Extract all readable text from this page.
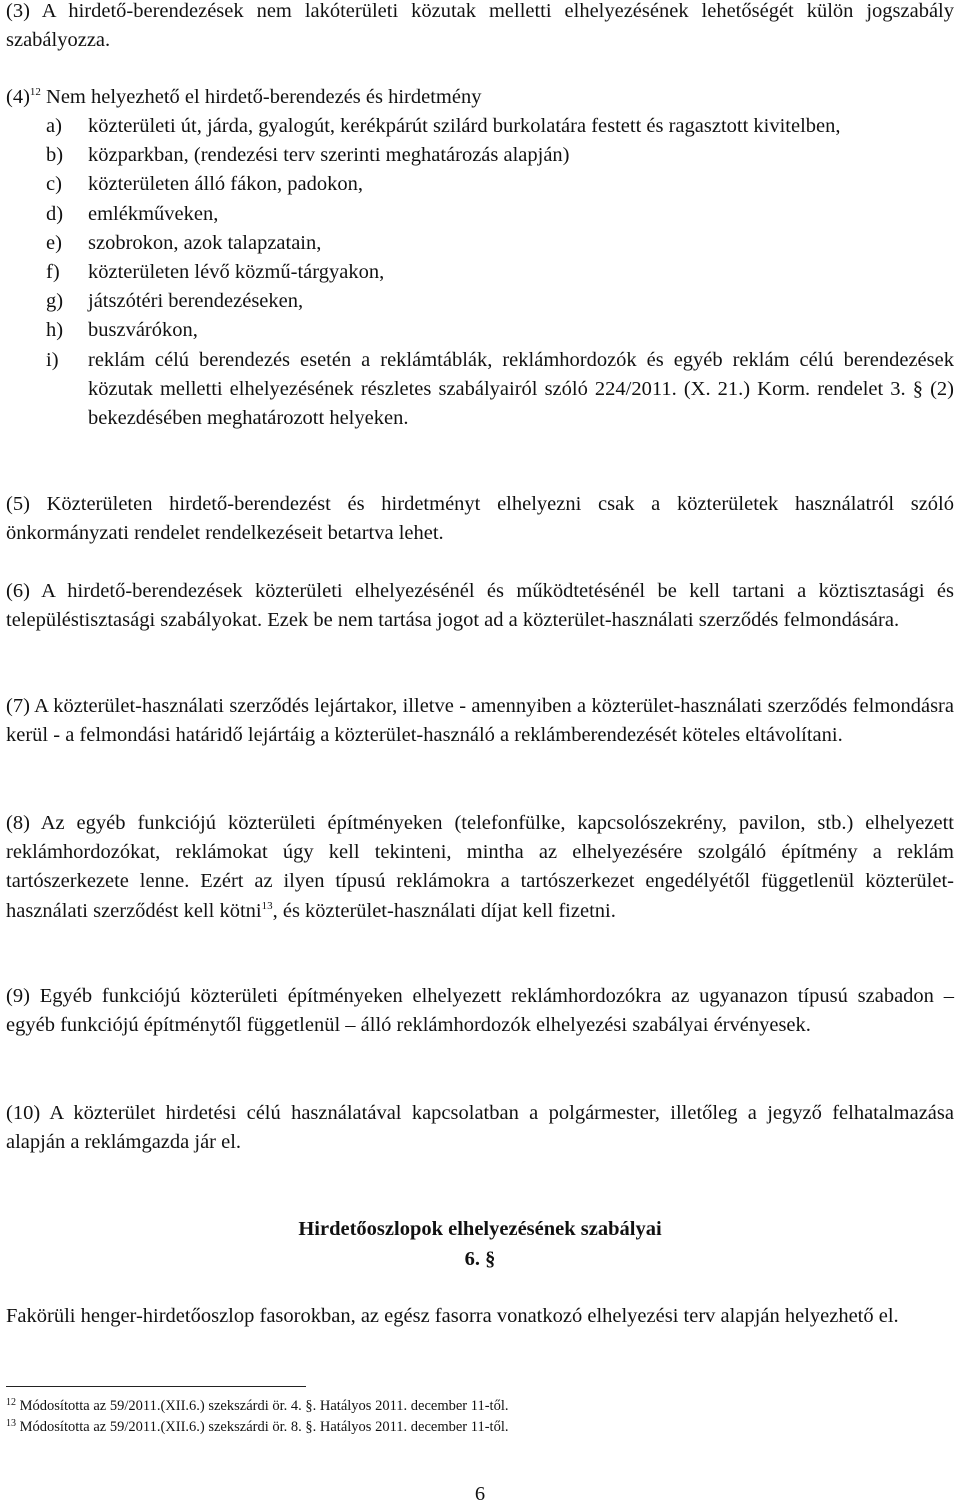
(3) A hirdető-berendezések nem lakóterületi közutak melletti elhelyezésének lehetőségét külön jogszabály szabályozza.

$(4)^{12}$ Nem helyezhető el hirdető-berendezés és hirdetmény

a) közterületi út, járda, gyalogút, kerékpárút szilárd burkolatára festett és ragasztott kivitelben,
b) közparkban, (rendezési terv szerinti meghatározás alapján)
c) közterületen álló fákon, padokon,
d) emlékműveken,
e) szobrokon, azok talapzatain,
f) közterületen lévő közmű-tárgyakon,
g) játszótéri berendezéseken,
h) buszvárókon,
i) reklám célú berendezés esetén a reklámtáblák, reklámhordozók és egyéb reklám célú berendezések közutak melletti elhelyezésének részletes szabályairól szóló 224/2011. (X. 21.) Korm. rendelet 3. § (2) bekezdésében meghatározott helyeken.

(5) Közterületen hirdető-berendezést és hirdetményt elhelyezni csak a közterületek használatról szóló önkormányzati rendelet rendelkezéseit betartva lehet.

(6) A hirdető-berendezések közterületi elhelyezésénél és működtetésénél be kell tartani a köztisztasági és településtisztasági szabályokat. Ezek be nem tartása jogot ad a közterület-használati szerződés felmondására.

(7) A közterület-használati szerződés lejártakor, illetve - amennyiben a közterület-használati szerződés felmondásra kerül - a felmondási határidő lejártáig a közterület-használó a reklámberendezését köteles eltávolítani.

(8) Az egyéb funkciójú közterületi építményeken (telefonfülke, kapcsolószekrény, pavilon, stb.) elhelyezett reklámhordozókat, reklámokat úgy kell tekinteni, mintha az elhelyezésére szolgáló építmény a reklám tartószerkezete lenne. Ezért az ilyen típusú reklámokra a tartószerkezet engedélyétől függetlenül közterület-használati szerződést kell kötni$^{13}$, és közterület-használati díjat kell fizetni.

(9) Egyéb funkciójú közterületi építményeken elhelyezett reklámhordozókra az ugyanazon típusú szabadon – egyéb funkciójú építménytől függetlenül – álló reklámhordozók elhelyezési szabályai érvényesek.

(10) A közterület hirdetési célú használatával kapcsolatban a polgármester, illetőleg a jegyző felhatalmazása alapján a reklámgazda jár el.

Hirdetőoszlopok elhelyezésének szabályai
6. §

Fakörüli henger-hirdetőoszlop fasorokban, az egész fasorra vonatkozó elhelyezési terv alapján helyezhető el.

$^{12}$ Módosította az 59/2011.(XII.6.) szekszárdi ör. 4. §. Hatályos 2011. december 11-től.
$^{13}$ Módosította az 59/2011.(XII.6.) szekszárdi ör. 8. §. Hatályos 2011. december 11-től.
6
